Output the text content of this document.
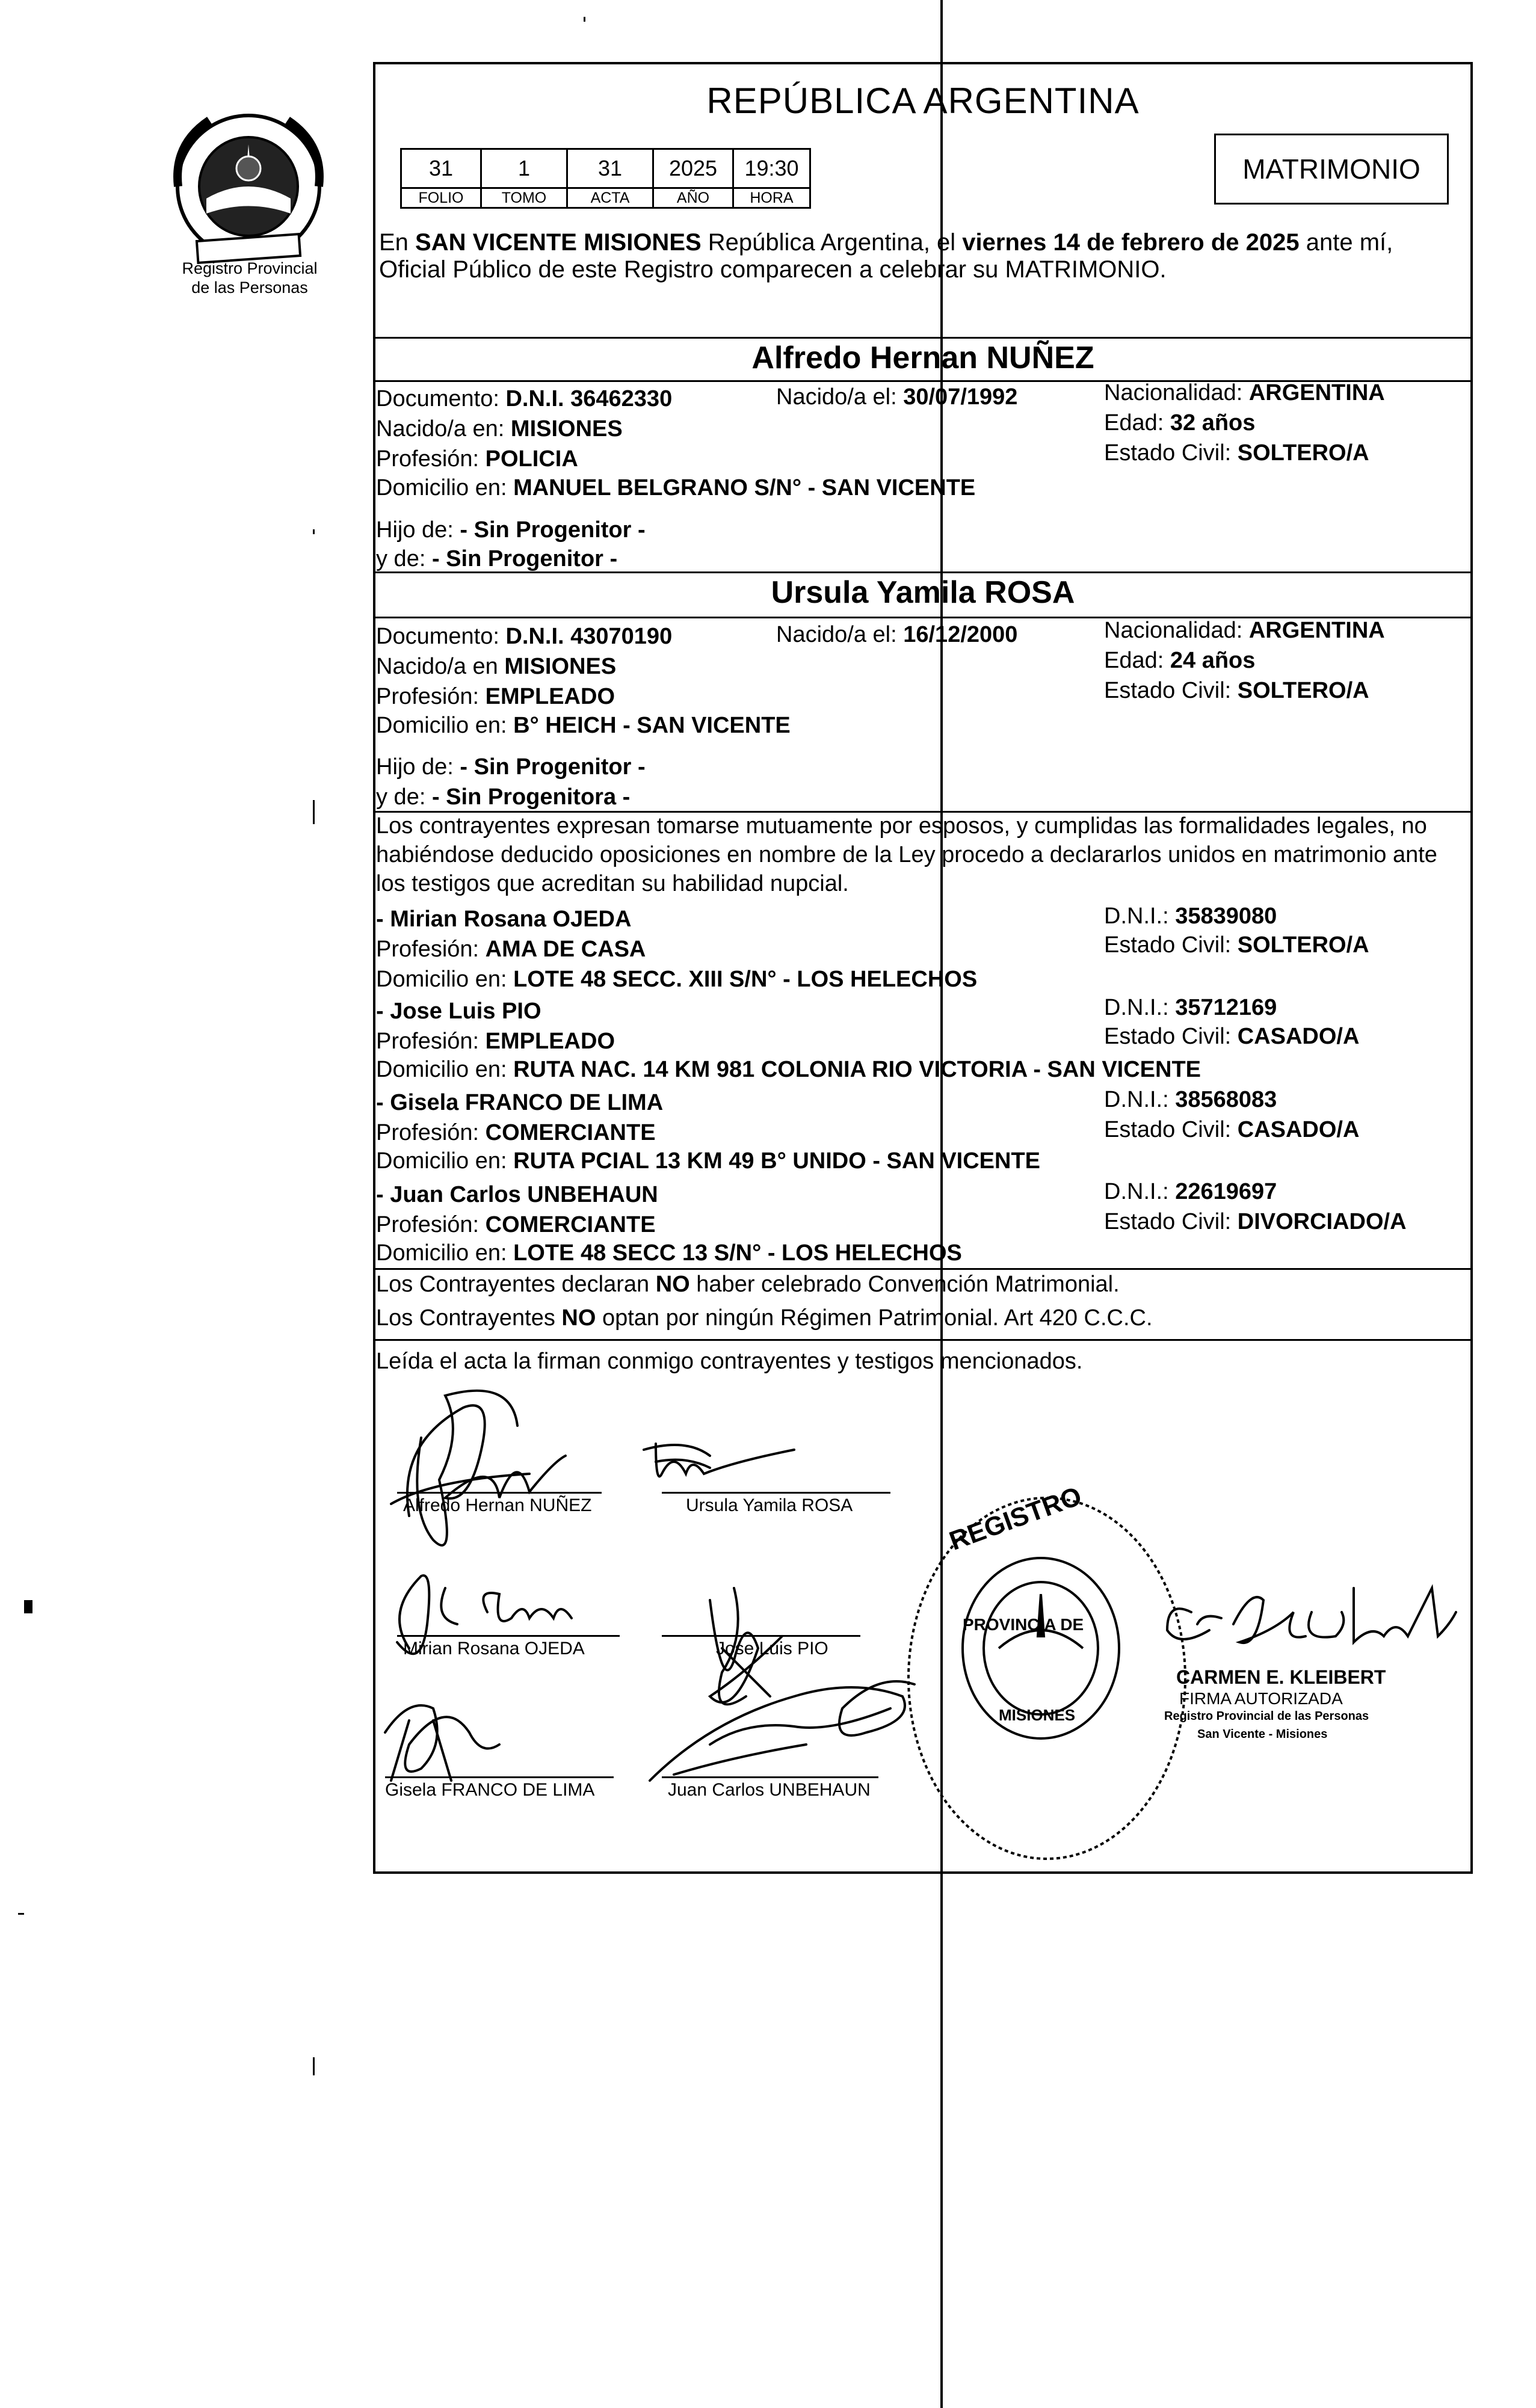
Registro Provincial
de las Personas
REPÚBLICA ARGENTINA
31	1	31	2025	19:30
FOLIO	TOMO	ACTA	AÑO	HORA
MATRIMONIO
En SAN VICENTE MISIONES República Argentina, el viernes 14 de febrero de 2025 ante mí,
Oficial Público de este Registro comparecen a celebrar su MATRIMONIO.
Alfredo Hernan NUÑEZ
Documento: D.N.I. 36462330	Nacido/a el: 30/07/1992	Nacionalidad: ARGENTINA
Nacido/a en: MISIONES	Edad: 32 años
Profesión: POLICIA	Estado Civil: SOLTERO/A
Domicilio en: MANUEL BELGRANO S/N° - SAN VICENTE
Hijo de: - Sin Progenitor -
y de: - Sin Progenitor -
Ursula Yamila ROSA
Documento: D.N.I. 43070190	Nacido/a el: 16/12/2000	Nacionalidad: ARGENTINA
Nacido/a en MISIONES	Edad: 24 años
Profesión: EMPLEADO	Estado Civil: SOLTERO/A
Domicilio en: B° HEICH - SAN VICENTE
Hijo de: - Sin Progenitor -
y de: - Sin Progenitora -
Los contrayentes expresan tomarse mutuamente por esposos, y cumplidas las formalidades legales, no
habiéndose deducido oposiciones en nombre de la Ley procedo a declararlos unidos en matrimonio ante
los testigos que acreditan su habilidad nupcial.
- Mirian Rosana OJEDA	D.N.I.: 35839080
Profesión: AMA DE CASA	Estado Civil: SOLTERO/A
Domicilio en: LOTE 48 SECC. XIII S/N° - LOS HELECHOS
- Jose Luis PIO	D.N.I.: 35712169
Profesión: EMPLEADO	Estado Civil: CASADO/A
Domicilio en: RUTA NAC. 14 KM 981 COLONIA RIO VICTORIA - SAN VICENTE
- Gisela FRANCO DE LIMA	D.N.I.: 38568083
Profesión: COMERCIANTE	Estado Civil: CASADO/A
Domicilio en: RUTA PCIAL 13 KM 49 B° UNIDO - SAN VICENTE
- Juan Carlos UNBEHAUN	D.N.I.: 22619697
Profesión: COMERCIANTE	Estado Civil: DIVORCIADO/A
Domicilio en: LOTE 48 SECC 13 S/N° - LOS HELECHOS
Los Contrayentes declaran NO haber celebrado Convención Matrimonial.
Los Contrayentes NO optan por ningún Régimen Patrimonial. Art 420 C.C.C.
Leída el acta la firman conmigo contrayentes y testigos mencionados.
Alfredo Hernan NUÑEZ	Ursula Yamila ROSA
Mirian Rosana OJEDA	Jose Luis PIO
Gisela FRANCO DE LIMA	Juan Carlos UNBEHAUN
REGISTRO
PROVINCIA DE
MISIONES
CARMEN E. KLEIBERT
FIRMA AUTORIZADA
Registro Provincial de las Personas
San Vicente - Misiones
